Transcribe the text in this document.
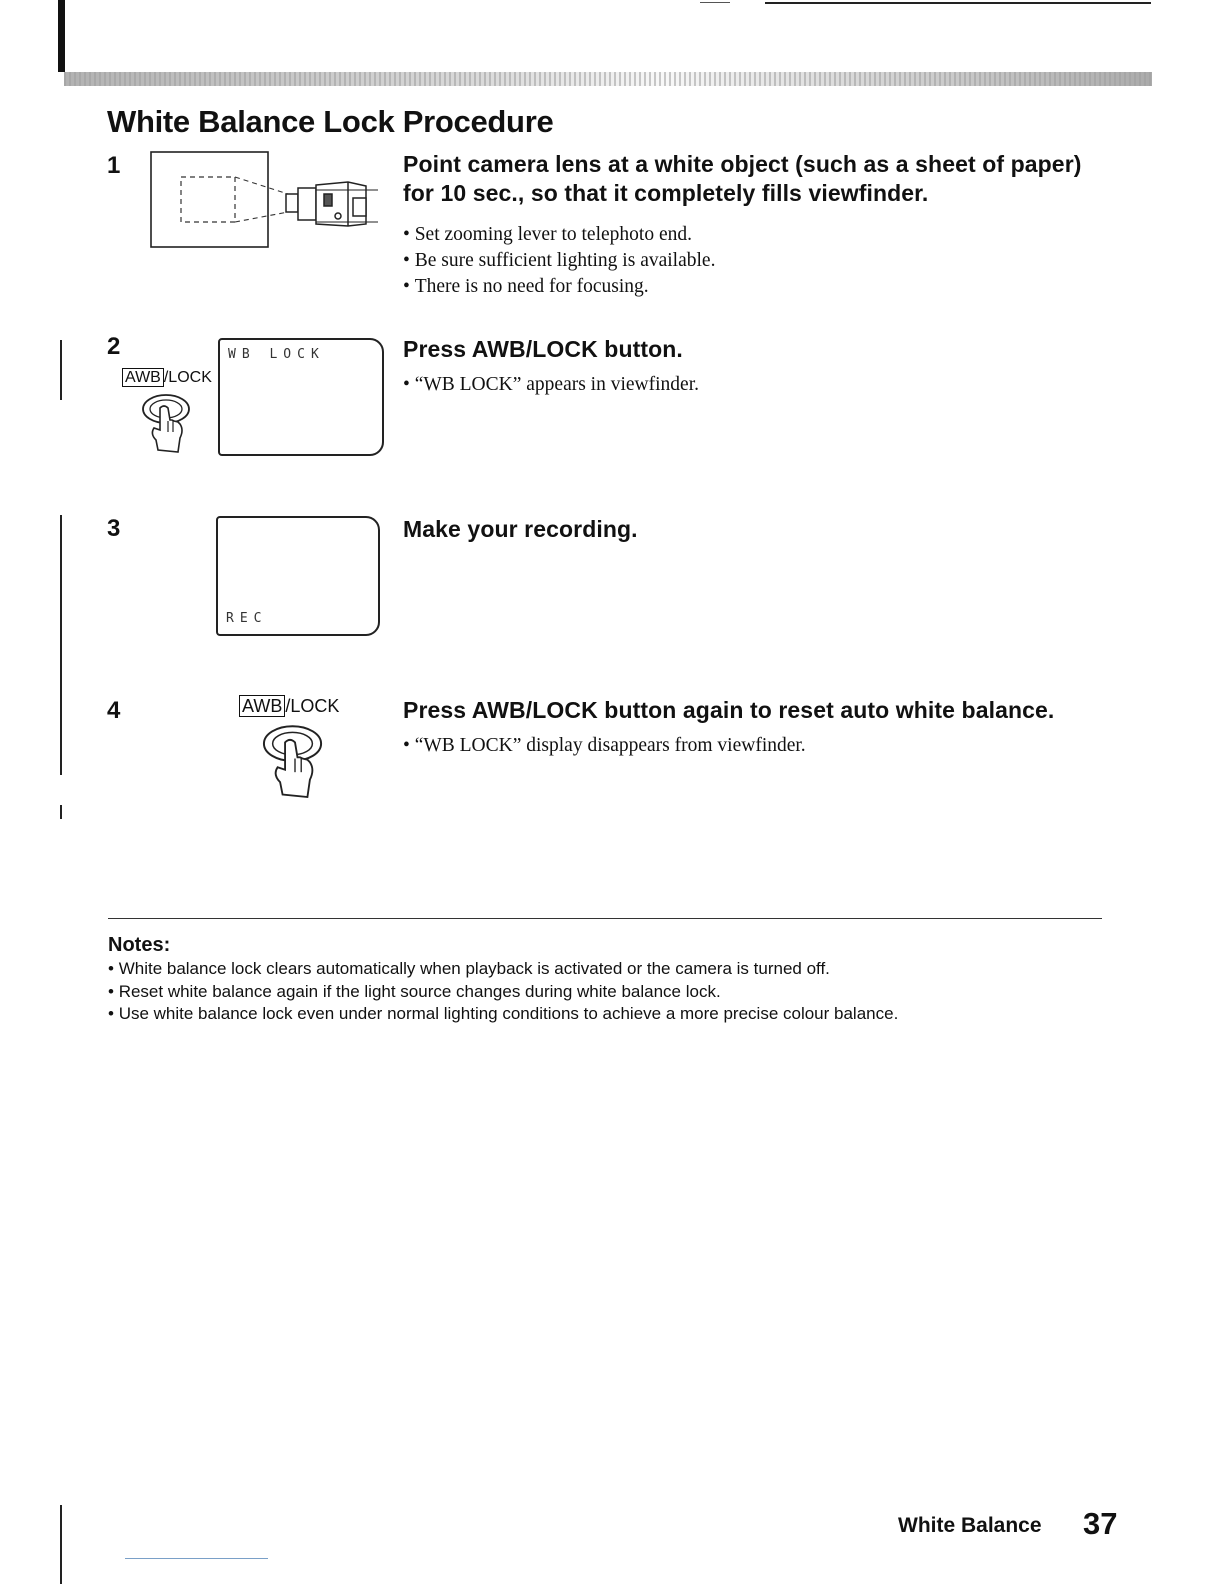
White Balance Lock Procedure
1	Point camera lens at a white object (such as a sheet of paper) for 10 sec., so that it completely fills viewfinder.

• Set zooming lever to telephoto end.
• Be sure sufficient lighting is available.
• There is no need for focusing.
2
AWB /LOCK
WB LOCK	Press AWB/LOCK button.

• “WB LOCK” appears in viewfinder.
3
REC

Make your recording.

4	AWB /LOCK	Press AWB/LOCK button again to reset auto white balance.

• “WB LOCK” display disappears from viewfinder.
Notes:
• White balance lock clears automatically when playback is activated or the camera is turned off.
• Reset white balance again if the light source changes during white balance lock.
• Use white balance lock even under normal lighting conditions to achieve a more precise colour balance.
White Balance 37
